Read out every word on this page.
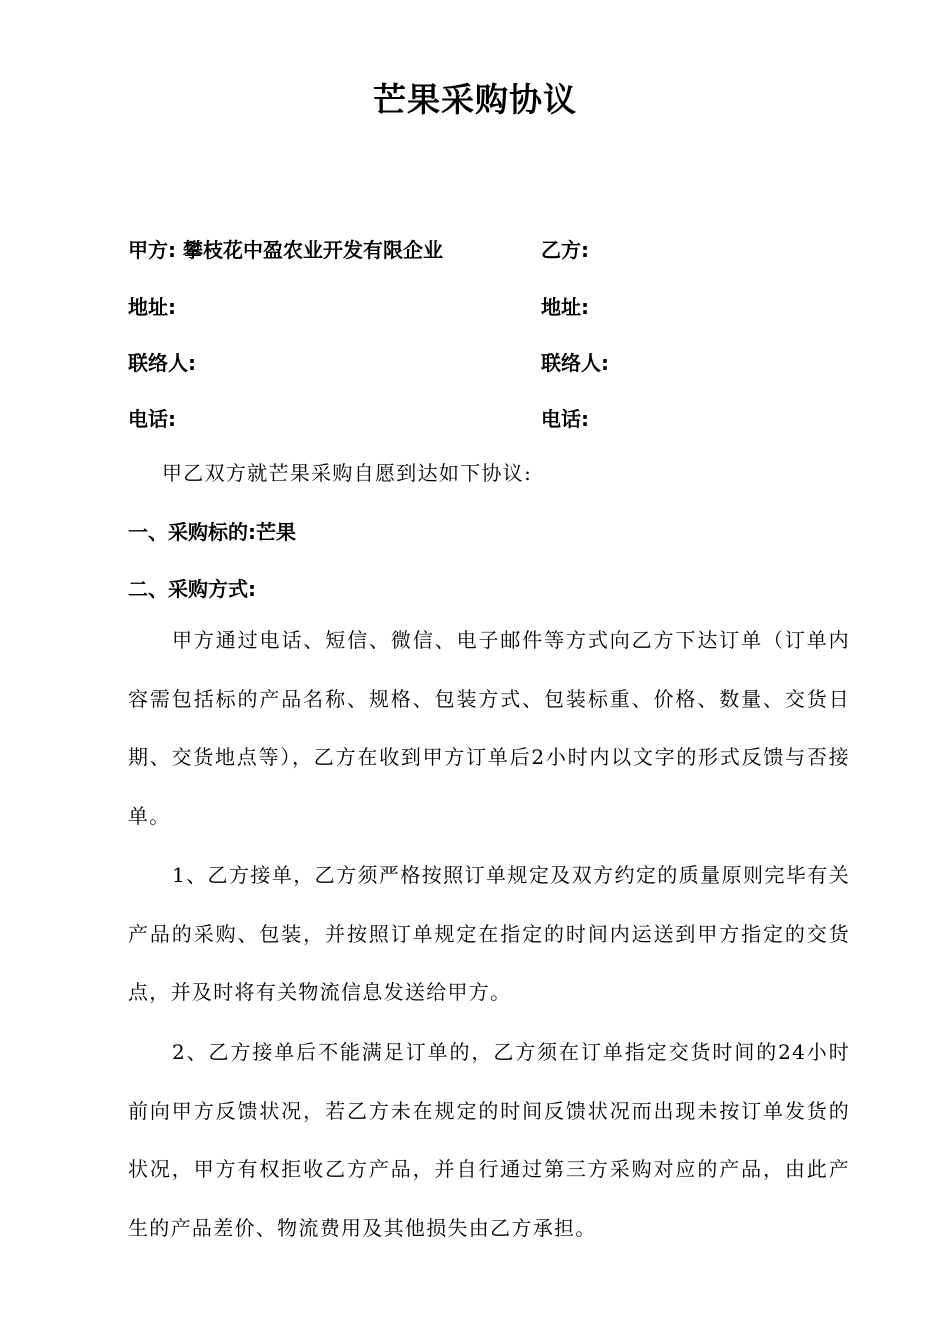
芒果采购协议
甲方: 攀枝花中盈农业开发有限企业	乙方:
地址:	地址:
联络人:	联络人:
电话:	电话:
甲乙双方就芒果采购自愿到达如下协议:
一、采购标的:芒果
二、采购方式:
甲方通过电话、短信、微信、电子邮件等方式向乙方下达订单（订单内容需包括标的产品名称、规格、包装方式、包装标重、价格、数量、交货日期、交货地点等），乙方在收到甲方订单后2小时内以文字的形式反馈与否接单。
1、乙方接单，乙方须严格按照订单规定及双方约定的质量原则完毕有关产品的采购、包装，并按照订单规定在指定的时间内运送到甲方指定的交货点，并及时将有关物流信息发送给甲方。
2、乙方接单后不能满足订单的，乙方须在订单指定交货时间的24小时前向甲方反馈状况，若乙方未在规定的时间反馈状况而出现未按订单发货的状况，甲方有权拒收乙方产品，并自行通过第三方采购对应的产品，由此产生的产品差价、物流费用及其他损失由乙方承担。
